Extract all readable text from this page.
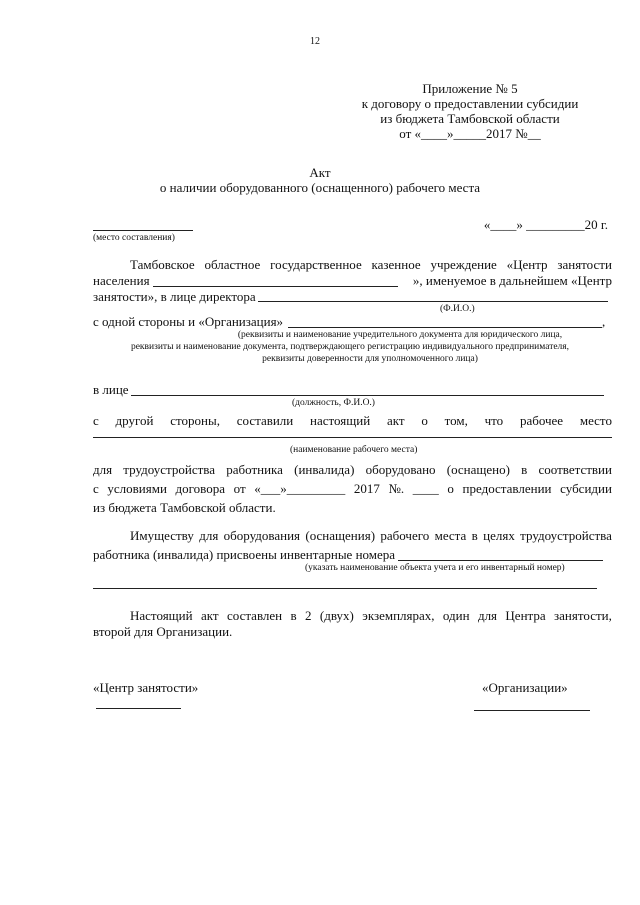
12
Приложение № 5
к договору о предоставлении субсидии
из бюджета Тамбовской области
от «____»_____2017 №__
Акт
о наличии оборудованного (оснащенного) рабочего места
(место составления)
«____» _________20 г.
Тамбовское областное государственное казенное учреждение «Центр занятости
населения	», именуемое в дальнейшем «Центр
занятости», в лице директора
(Ф.И.О.)
с одной стороны и «Организация»	,
(реквизиты и наименование учредительного документа для юридического лица,
реквизиты и наименование документа, подтверждающего регистрацию индивидуального предпринимателя,
реквизиты доверенности для уполномоченного лица)
в лице
(должность, Ф.И.О.)
с другой стороны, составили настоящий акт о том, что рабочее место
(наименование рабочего места)
для трудоустройства работника (инвалида) оборудовано (оснащено) в соответствии
с условиями договора от «___»_________ 2017 №. ____ о предоставлении субсидии
из бюджета Тамбовской области.
Имуществу для оборудования (оснащения) рабочего места в целях трудоустройства
работника (инвалида) присвоены инвентарные номера
(указать наименование объекта учета и его инвентарный номер)
Настоящий акт составлен в 2 (двух) экземплярах, один для Центра занятости,
второй для Организации.
«Центр занятости»	«Организации»
